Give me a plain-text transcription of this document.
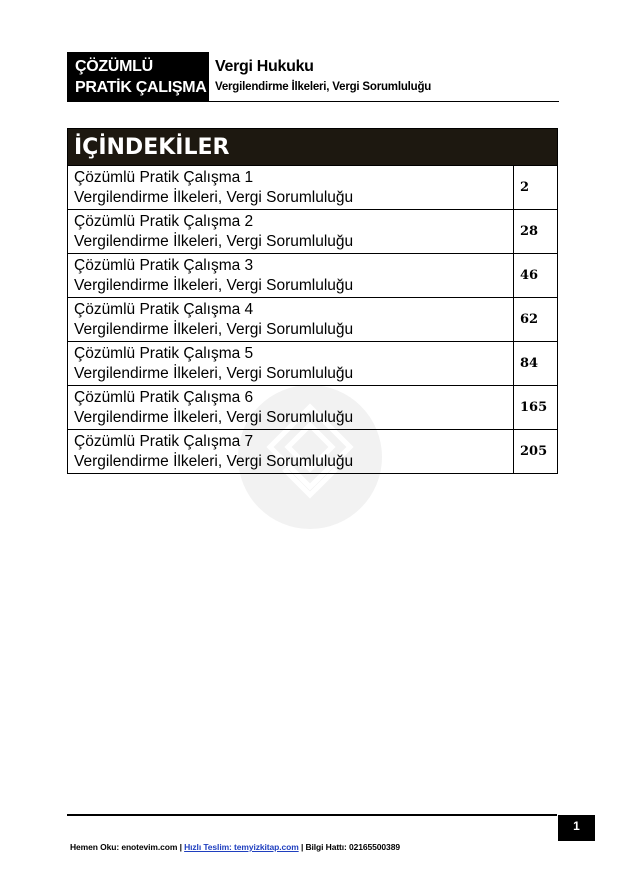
ÇÖZÜMLÜ
PRATİK ÇALIŞMA
Vergi Hukuku
Vergilendirme İlkeleri, Vergi Sorumluluğu
İÇİNDEKİLER
Çözümlü Pratik Çalışma 1
Vergilendirme İlkeleri, Vergi Sorumluluğu
2
Çözümlü Pratik Çalışma 2
Vergilendirme İlkeleri, Vergi Sorumluluğu
28
Çözümlü Pratik Çalışma 3
Vergilendirme İlkeleri, Vergi Sorumluluğu
46
Çözümlü Pratik Çalışma 4
Vergilendirme İlkeleri, Vergi Sorumluluğu
62
Çözümlü Pratik Çalışma 5
Vergilendirme İlkeleri, Vergi Sorumluluğu
84
Çözümlü Pratik Çalışma 6
Vergilendirme İlkeleri, Vergi Sorumluluğu
165
Çözümlü Pratik Çalışma 7
Vergilendirme İlkeleri, Vergi Sorumluluğu
205
1
Hemen Oku: enotevim.com | Hızlı Teslim: temyizkitap.com | Bilgi Hattı: 02165500389
